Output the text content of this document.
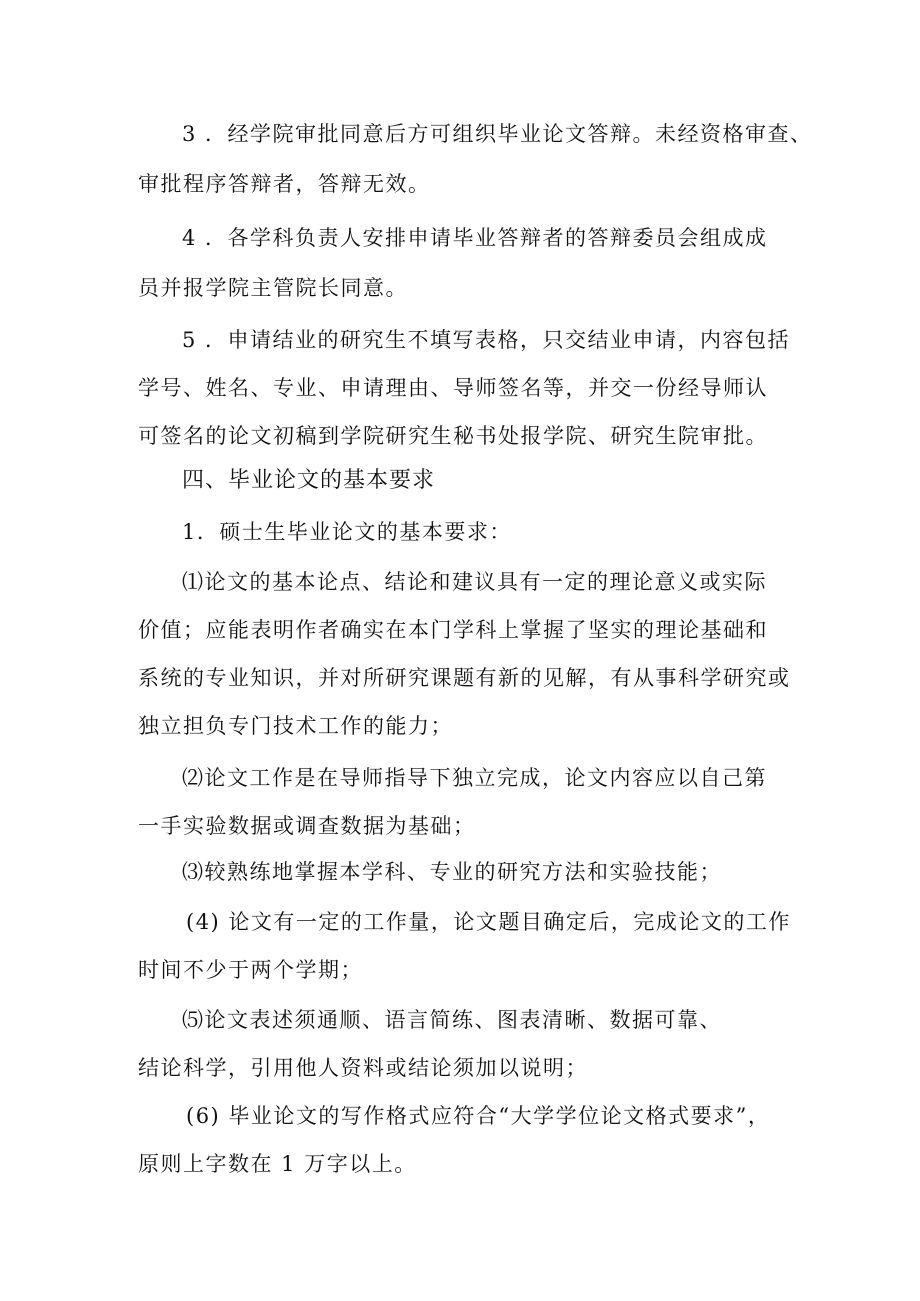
3 ．经学院审批同意后方可组织毕业论文答辩。未经资格审查、
审批程序答辩者，答辩无效。
4 ．各学科负责人安排申请毕业答辩者的答辩委员会组成成
员并报学院主管院长同意。
5 ．申请结业的研究生不填写表格，只交结业申请，内容包括
学号、姓名、专业、申请理由、导师签名等，并交一份经导师认
可签名的论文初稿到学院研究生秘书处报学院、研究生院审批。
四、毕业论文的基本要求
1．硕士生毕业论文的基本要求：
⑴论文的基本论点、结论和建议具有一定的理论意义或实际
价值；应能表明作者确实在本门学科上掌握了坚实的理论基础和
系统的专业知识，并对所研究课题有新的见解，有从事科学研究或
独立担负专门技术工作的能力；
⑵论文工作是在导师指导下独立完成，论文内容应以自己第
一手实验数据或调查数据为基础；
⑶较熟练地掌握本学科、专业的研究方法和实验技能；
(4) 论文有一定的工作量，论文题目确定后，完成论文的工作
时间不少于两个学期；
⑸论文表述须通顺、语言简练、图表清晰、数据可靠、
结论科学，引用他人资料或结论须加以说明；
(6) 毕业论文的写作格式应符合“大学学位论文格式要求”，
原则上字数在 1 万字以上。
